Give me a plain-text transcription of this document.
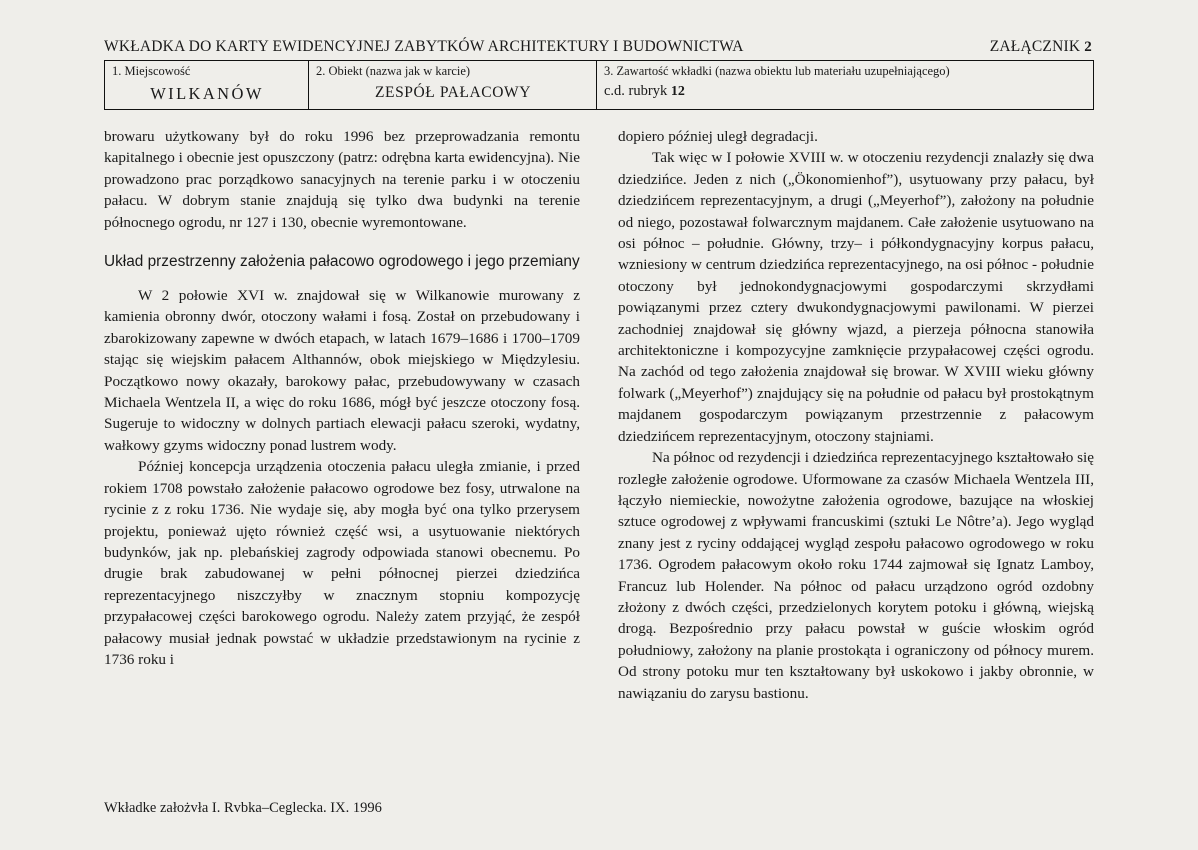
WKŁADKA DO KARTY EWIDENCYJNEJ ZABYTKÓW ARCHITEKTURY I BUDOWNICTWA	ZAŁĄCZNIK 2
1. Miejscowość
WILKANÓW
2. Obiekt (nazwa jak w karcie)
ZESPÓŁ PAŁACOWY
3. Zawartość wkładki (nazwa obiektu lub materiału uzupełniającego)
c.d. rubryk 12

browaru użytkowany był do roku 1996 bez przeprowadzania remontu kapitalnego i obecnie jest opuszczony (patrz: odrębna karta ewidencyjna). Nie prowadzono prac porządkowo sanacyjnych na terenie parku i w otoczeniu pałacu. W dobrym stanie znajdują się tylko dwa budynki na terenie północnego ogrodu, nr 127 i 130, obecnie wyremontowane.

Układ przestrzenny założenia pałacowo ogrodowego i jego przemiany

W 2 połowie XVI w. znajdował się w Wilkanowie murowany z kamienia obronny dwór, otoczony wałami i fosą. Został on przebudowany i zbarokizowany zapewne w dwóch etapach, w latach 1679–1686 i 1700–1709 stając się wiejskim pałacem Althannów, obok miejskiego w Międzylesiu. Początkowo nowy okazały, barokowy pałac, przebudowywany w czasach Michaela Wentzela II, a więc do roku 1686, mógł być jeszcze otoczony fosą. Sugeruje to widoczny w dolnych partiach elewacji pałacu szeroki, wydatny, wałkowy gzyms widoczny ponad lustrem wody.

Później koncepcja urządzenia otoczenia pałacu uległa zmianie, i przed rokiem 1708 powstało założenie pałacowo ogrodowe bez fosy, utrwalone na rycinie z z roku 1736. Nie wydaje się, aby mogła być ona tylko przerysem projektu, ponieważ ujęto również część wsi, a usytuowanie niektórych budynków, jak np. plebańskiej zagrody odpowiada stanowi obecnemu. Po drugie brak zabudowanej w pełni północnej pierzei dziedzińca reprezentacyjnego niszczyłby w znacznym stopniu kompozycję przypałacowej części barokowego ogrodu. Należy zatem przyjąć, że zespół pałacowy musiał jednak powstać w układzie przedstawionym na rycinie z 1736 roku i

dopiero później uległ degradacji.

Tak więc w I połowie XVIII w. w otoczeniu rezydencji znalazły się dwa dziedzińce. Jeden z nich („Ökonomienhof”), usytuowany przy pałacu, był dziedzińcem reprezentacyjnym, a drugi („Meyerhof”), założony na południe od niego, pozostawał folwarcznym majdanem. Całe założenie usytuowano na osi północ – południe. Główny, trzy– i półkondygnacyjny korpus pałacu, wzniesiony w centrum dziedzińca reprezentacyjnego, na osi północ - południe otoczony był jednokondygnacjowymi gospodarczymi skrzydłami powiązanymi przez cztery dwukondygnacjowymi pawilonami. W pierzei zachodniej znajdował się główny wjazd, a pierzeja północna stanowiła architektoniczne i kompozycyjne zamknięcie przypałacowej części ogrodu. Na zachód od tego założenia znajdował się browar. W XVIII wieku główny folwark („Meyerhof”) znajdujący się na południe od pałacu był prostokątnym majdanem gospodarczym powiązanym przestrzennie z pałacowym dziedzińcem reprezentacyjnym, otoczony stajniami.

Na północ od rezydencji i dziedzińca reprezentacyjnego kształtowało się rozległe założenie ogrodowe. Uformowane za czasów Michaela Wentzela III, łączyło niemieckie, nowożytne założenia ogrodowe, bazujące na włoskiej sztuce ogrodowej z wpływami francuskimi (sztuki Le Nôtre’a). Jego wygląd znany jest z ryciny oddającej wygląd zespołu pałacowo ogrodowego w roku 1736. Ogrodem pałacowym około roku 1744 zajmował się Ignatz Lamboy, Francuz lub Holender. Na północ od pałacu urządzono ogród ozdobny złożony z dwóch części, przedzielonych korytem potoku i główną, wiejską drogą. Bezpośrednio przy pałacu powstał w guście włoskim ogród południowy, założony na planie prostokąta i ograniczony od północy murem. Od strony potoku mur ten kształtowany był uskokowo i jakby obronnie, w nawiązaniu do zarysu bastionu.

Wkładke założvła I. Rvbka–Ceglecka. IX. 1996
